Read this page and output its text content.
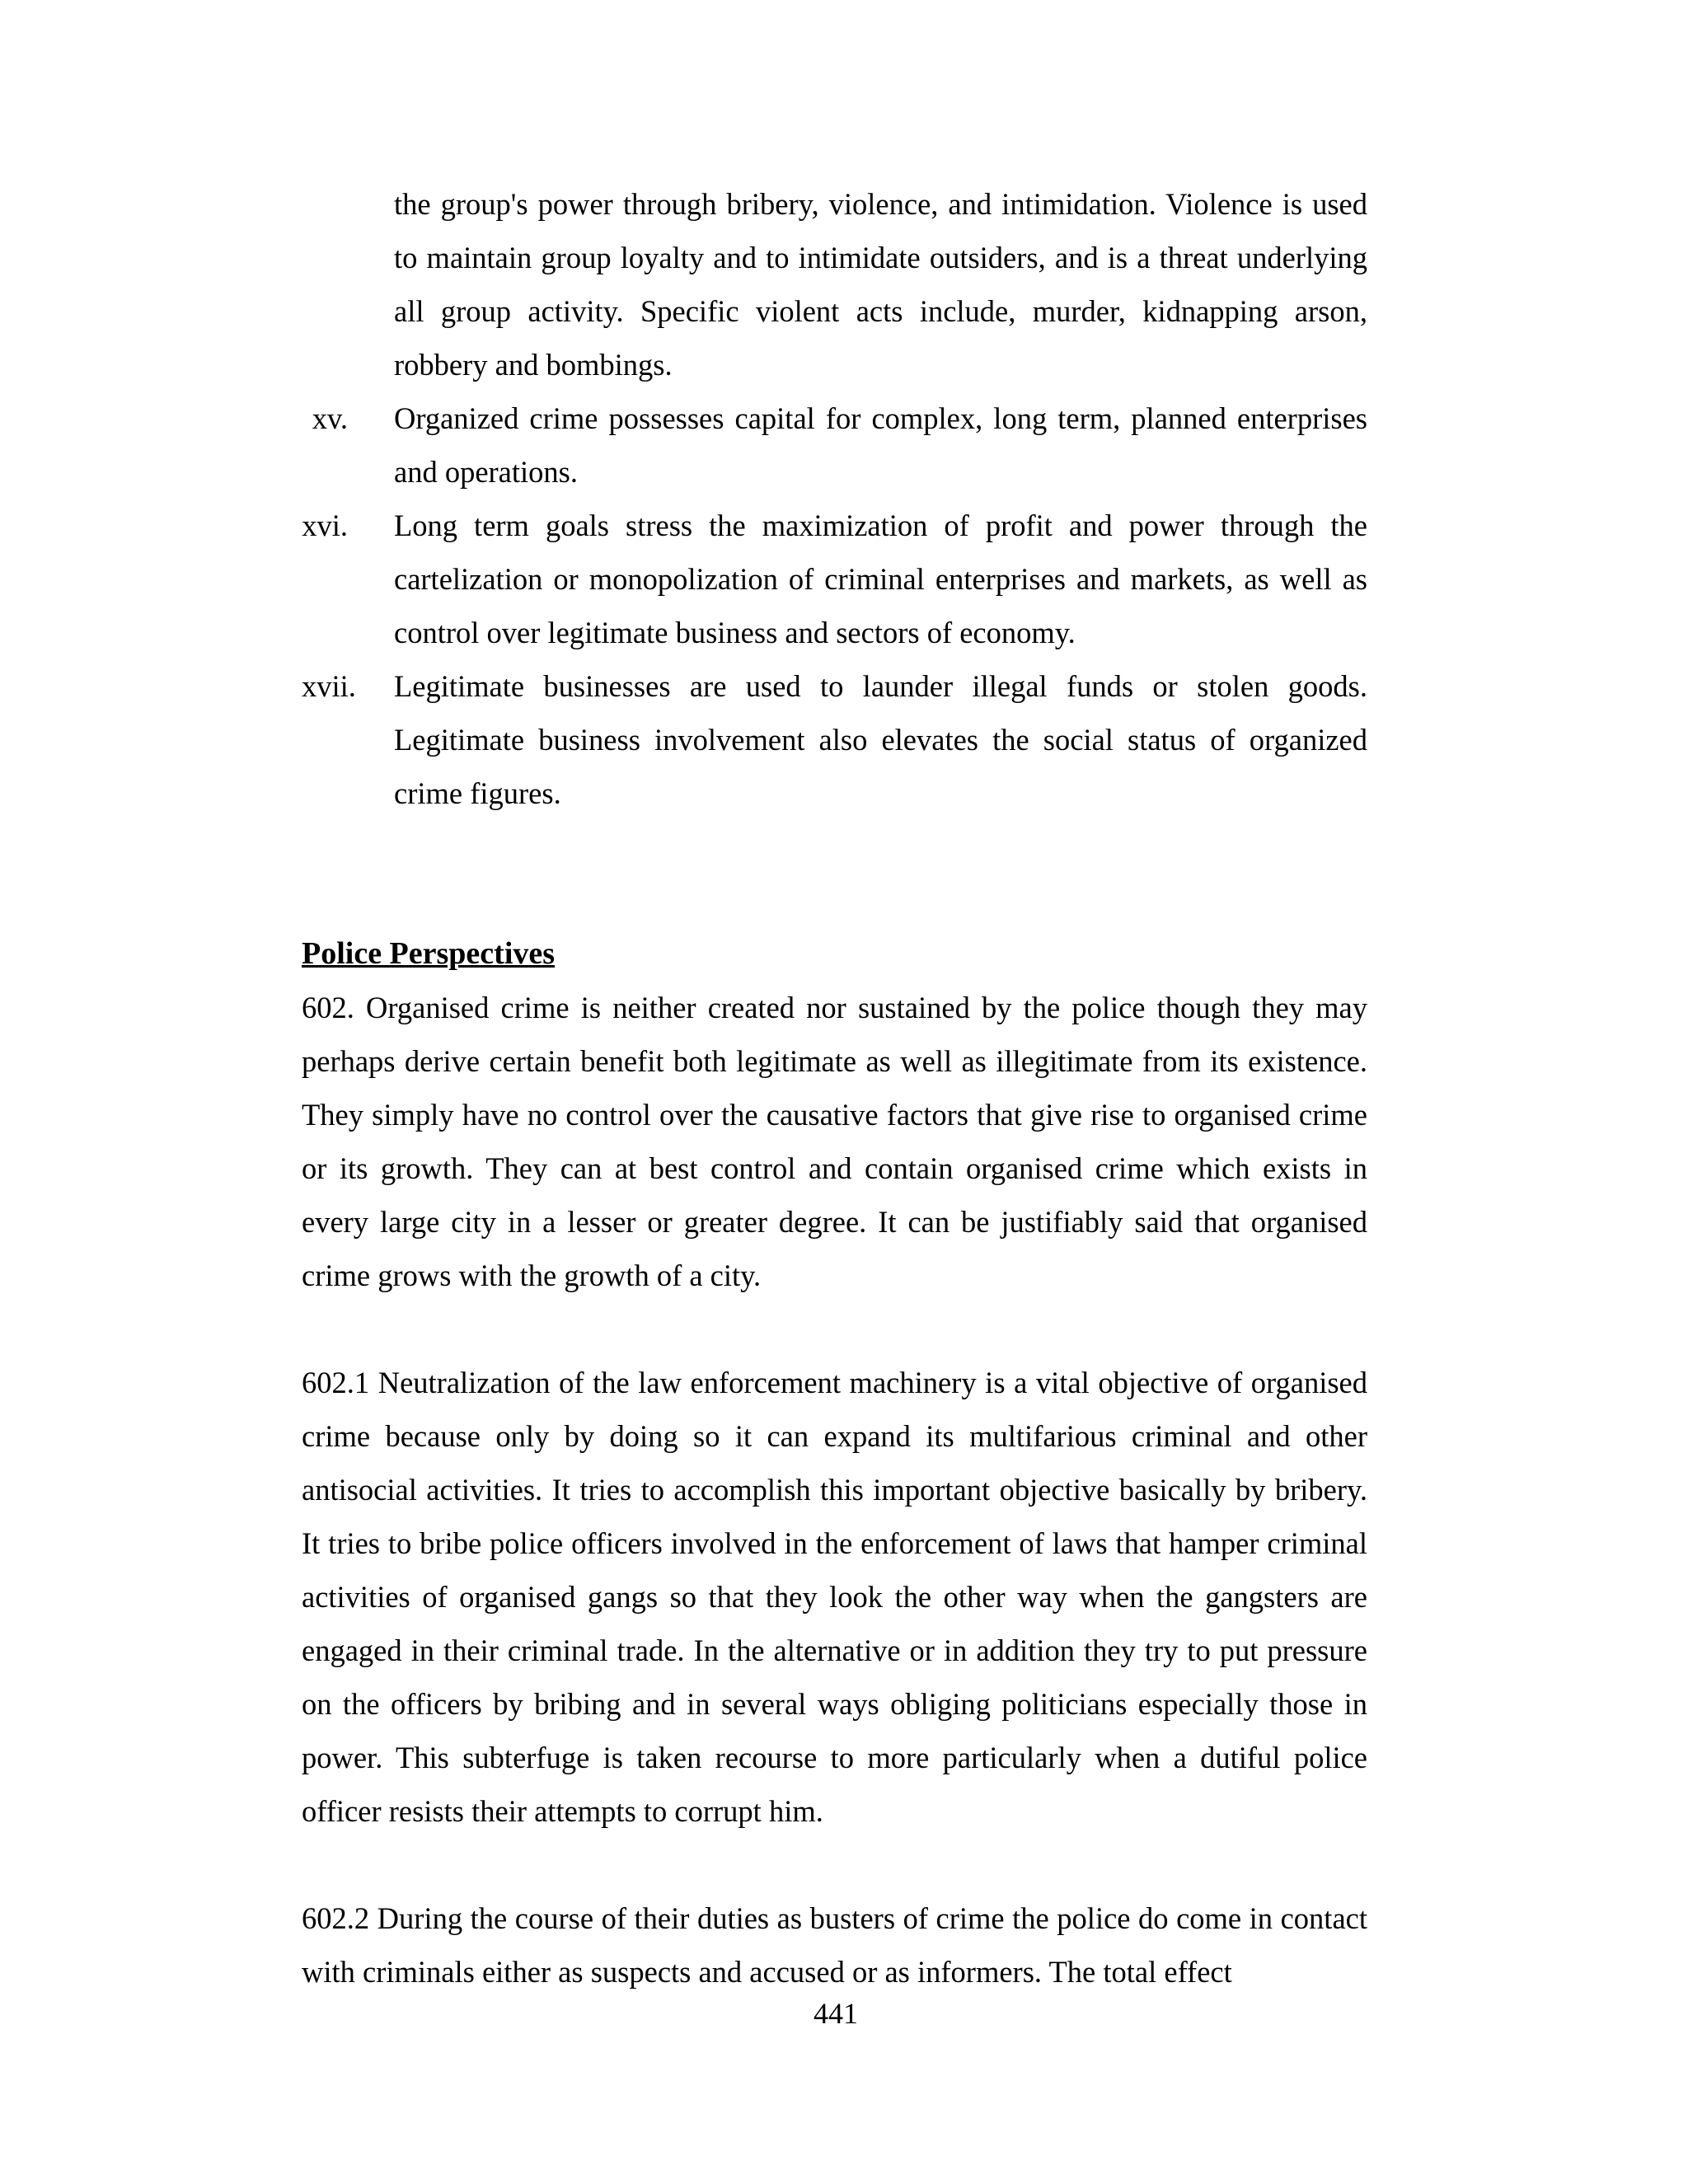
the group's power through bribery, violence, and intimidation. Violence is used to maintain group loyalty and to intimidate outsiders, and is a threat underlying all group activity. Specific violent acts include, murder, kidnapping arson, robbery and bombings.
xv. Organized crime possesses capital for complex, long term, planned enterprises and operations.
xvi. Long term goals stress the maximization of profit and power through the cartelization or monopolization of criminal enterprises and markets, as well as control over legitimate business and sectors of economy.
xvii. Legitimate businesses are used to launder illegal funds or stolen goods. Legitimate business involvement also elevates the social status of organized crime figures.
Police Perspectives

602. Organised crime is neither created nor sustained by the police though they may perhaps derive certain benefit both legitimate as well as illegitimate from its existence. They simply have no control over the causative factors that give rise to organised crime or its growth. They can at best control and contain organised crime which exists in every large city in a lesser or greater degree. It can be justifiably said that organised crime grows with the growth of a city.

602.1 Neutralization of the law enforcement machinery is a vital objective of organised crime because only by doing so it can expand its multifarious criminal and other antisocial activities. It tries to accomplish this important objective basically by bribery. It tries to bribe police officers involved in the enforcement of laws that hamper criminal activities of organised gangs so that they look the other way when the gangsters are engaged in their criminal trade. In the alternative or in addition they try to put pressure on the officers by bribing and in several ways obliging politicians especially those in power. This subterfuge is taken recourse to more particularly when a dutiful police officer resists their attempts to corrupt him.

602.2 During the course of their duties as busters of crime the police do come in contact with criminals either as suspects and accused or as informers. The total effect

441
